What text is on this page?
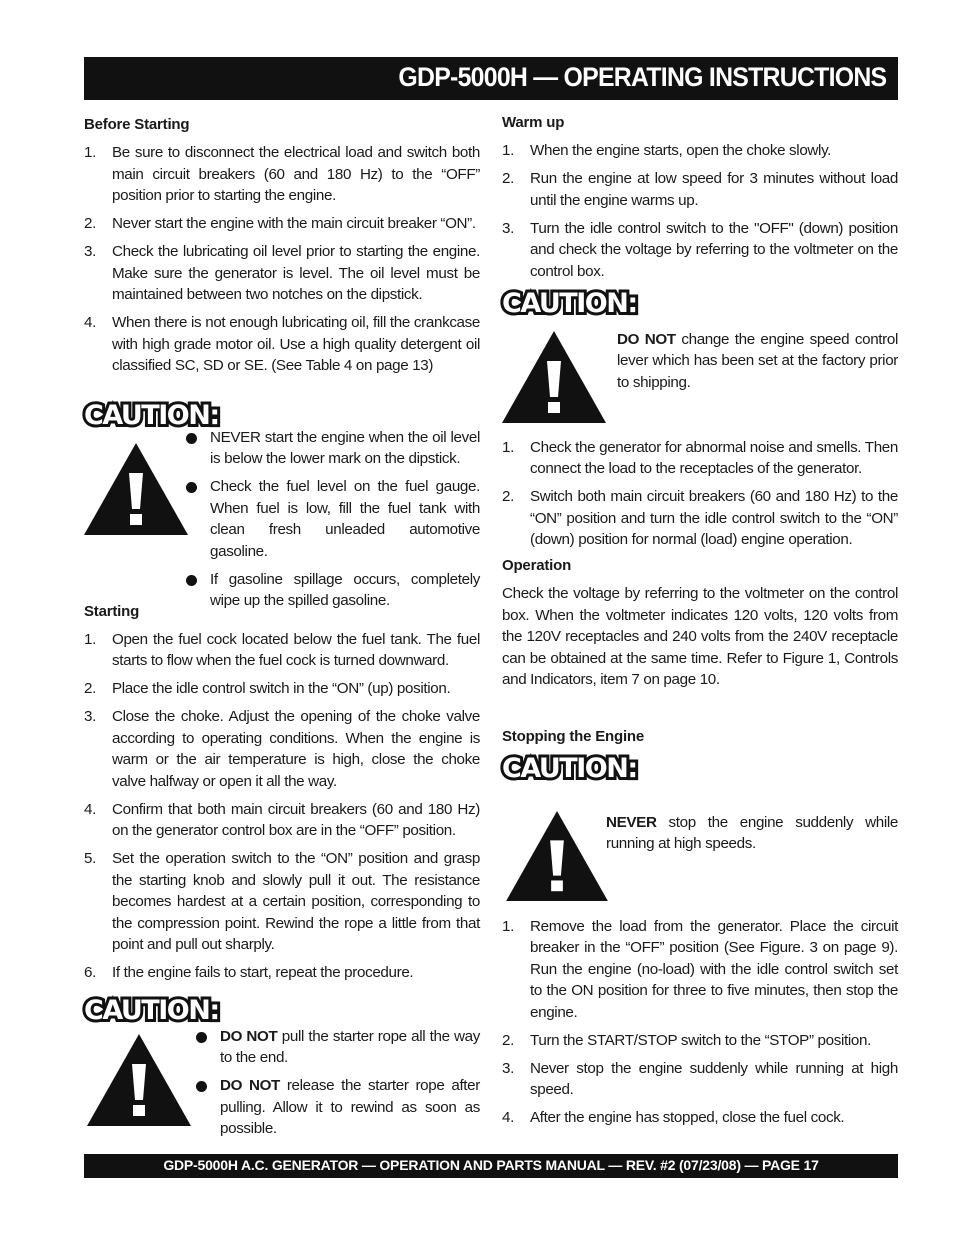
GDP-5000H — OPERATING INSTRUCTIONS
Before Starting
1. Be sure to disconnect the electrical load and switch both main circuit breakers (60 and 180 Hz) to the “OFF” position prior to starting the engine.
2. Never start the engine with the main circuit breaker “ON”.
3. Check the lubricating oil level prior to starting the engine. Make sure the generator is level. The oil level must be maintained between two notches on the dipstick.
4. When there is not enough lubricating oil, fill the crankcase with high grade motor oil. Use a high quality detergent oil classified SC, SD or SE. (See Table 4 on page 13)
CAUTION:
NEVER start the engine when the oil level is below the lower mark on the dipstick.
Check the fuel level on the fuel gauge. When fuel is low, fill the fuel tank with clean fresh unleaded automotive gasoline.
If gasoline spillage occurs, completely wipe up the spilled gasoline.
Starting
1. Open the fuel cock located below the fuel tank. The fuel starts to flow when the fuel cock is turned downward.
2. Place the idle control switch in the “ON” (up) position.
3. Close the choke. Adjust the opening of the choke valve according to operating conditions. When the engine is warm or the air temperature is high, close the choke valve halfway or open it all the way.
4. Confirm that both main circuit breakers (60 and 180 Hz) on the generator control box are in the “OFF” position.
5. Set the operation switch to the “ON” position and grasp the starting knob and slowly pull it out. The resistance becomes hardest at a certain position, corresponding to the compression point. Rewind the rope a little from that point and pull out sharply.
6. If the engine fails to start, repeat the procedure.
CAUTION:
DO NOT pull the starter rope all the way to the end.
DO NOT release the starter rope after pulling. Allow it to rewind as soon as possible.
Warm up
1. When the engine starts, open the choke slowly.
2. Run the engine at low speed for 3 minutes without load until the engine warms up.
3. Turn the idle control switch to the "OFF" (down) position and check the voltage by referring to the voltmeter on the control box.
CAUTION:
DO NOT change the engine speed control lever which has been set at the factory prior to shipping.
1. Check the generator for abnormal noise and smells. Then connect the load to the receptacles of the generator.
2. Switch both main circuit breakers (60 and 180 Hz) to the “ON” position and turn the idle control switch to the “ON” (down) position for normal (load) engine operation.
Operation

Check the voltage by referring to the voltmeter on the control box. When the voltmeter indicates 120 volts, 120 volts from the 120V receptacles and 240 volts from the 240V receptacle can be obtained at the same time. Refer to Figure 1, Controls and Indicators, item 7 on page 10.

Stopping the Engine
CAUTION:
NEVER stop the engine suddenly while running at high speeds.
1. Remove the load from the generator. Place the circuit breaker in the “OFF” position (See Figure. 3 on page 9). Run the engine (no-load) with the idle control switch set to the ON position for three to five minutes, then stop the engine.
2. Turn the START/STOP switch to the “STOP” position.
3. Never stop the engine suddenly while running at high speed.
4. After the engine has stopped, close the fuel cock.
GDP-5000H A.C. GENERATOR — OPERATION AND PARTS MANUAL — REV. #2 (07/23/08) — PAGE 17
